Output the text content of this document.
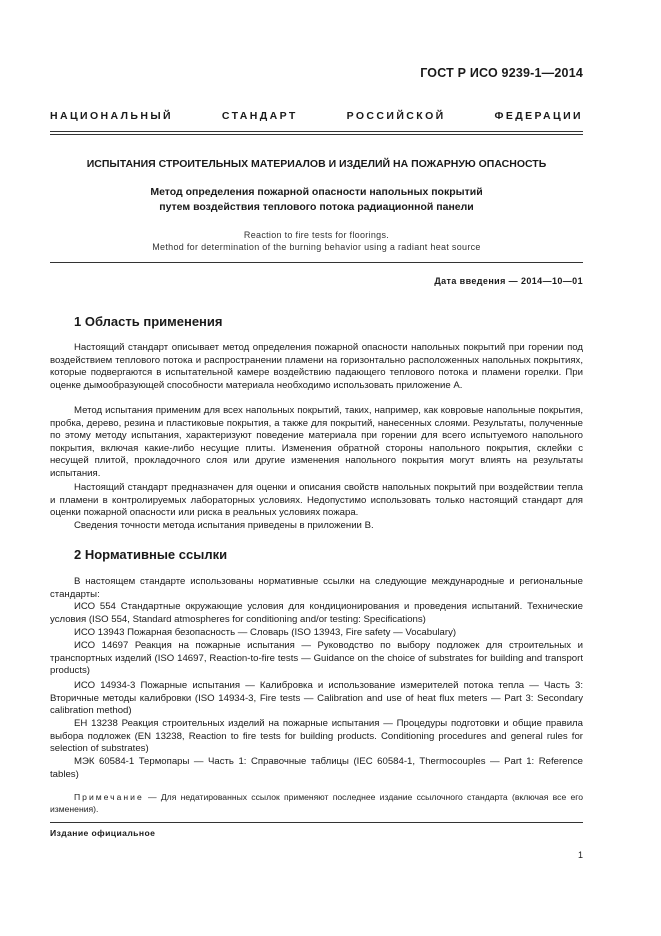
ГОСТ Р ИСО 9239-1—2014
НАЦИОНАЛЬНЫЙ СТАНДАРТ РОССИЙСКОЙ ФЕДЕРАЦИИ
ИСПЫТАНИЯ СТРОИТЕЛЬНЫХ МАТЕРИАЛОВ И ИЗДЕЛИЙ НА ПОЖАРНУЮ ОПАСНОСТЬ
Метод определения пожарной опасности напольных покрытий
путем воздействия теплового потока радиационной панели
Reaction to fire tests for floorings.
Method for determination of the burning behavior using a radiant heat source
Дата введения — 2014—10—01
1 Область применения
Настоящий стандарт описывает метод определения пожарной опасности напольных покрытий при горении под воздействием теплового потока и распространении пламени на горизонтально расположенных напольных покрытиях, которые подвергаются в испытательной камере воздействию падающего теплового потока и пламени горелки. При оценке дымообразующей способности материала необходимо использовать приложение А.
Метод испытания применим для всех напольных покрытий, таких, например, как ковровые напольные покрытия, пробка, дерево, резина и пластиковые покрытия, а также для покрытий, нанесенных слоями. Результаты, полученные по этому методу испытания, характеризуют поведение материала при горении для всего испытуемого напольного покрытия, включая какие-либо несущие плиты. Изменения обратной стороны напольного покрытия, склейки с несущей плитой, прокладочного слоя или другие изменения напольного покрытия могут влиять на результаты испытания.
Настоящий стандарт предназначен для оценки и описания свойств напольных покрытий при воздействии тепла и пламени в контролируемых лабораторных условиях. Недопустимо использовать только настоящий стандарт для оценки пожарной опасности или риска в реальных условиях пожара.
Сведения точности метода испытания приведены в приложении В.
2 Нормативные ссылки
В настоящем стандарте использованы нормативные ссылки на следующие международные и региональные стандарты:
ИСО 554 Стандартные окружающие условия для кондиционирования и проведения испытаний. Технические условия (ISO 554, Standard atmospheres for conditioning and/or testing: Specifications)
ИСО 13943 Пожарная безопасность — Словарь (ISO 13943, Fire safety — Vocabulary)
ИСО 14697 Реакция на пожарные испытания — Руководство по выбору подложек для строительных и транспортных изделий (ISO 14697, Reaction-to-fire tests — Guidance on the choice of substrates for building and transport products)
ИСО 14934-3 Пожарные испытания — Калибровка и использование измерителей потока тепла — Часть 3: Вторичные методы калибровки (ISO 14934-3, Fire tests — Calibration and use of heat flux meters — Part 3: Secondary calibration method)
ЕН 13238 Реакция строительных изделий на пожарные испытания — Процедуры подготовки и общие правила выбора подложек (EN 13238, Reaction to fire tests for building products. Conditioning procedures and general rules for selection of substrates)
МЭК 60584-1 Термопары — Часть 1: Справочные таблицы (IEC 60584-1, Thermocouples — Part 1: Reference tables)
Примечание — Для недатированных ссылок применяют последнее издание ссылочного стандарта (включая все его изменения).
Издание официальное
1
